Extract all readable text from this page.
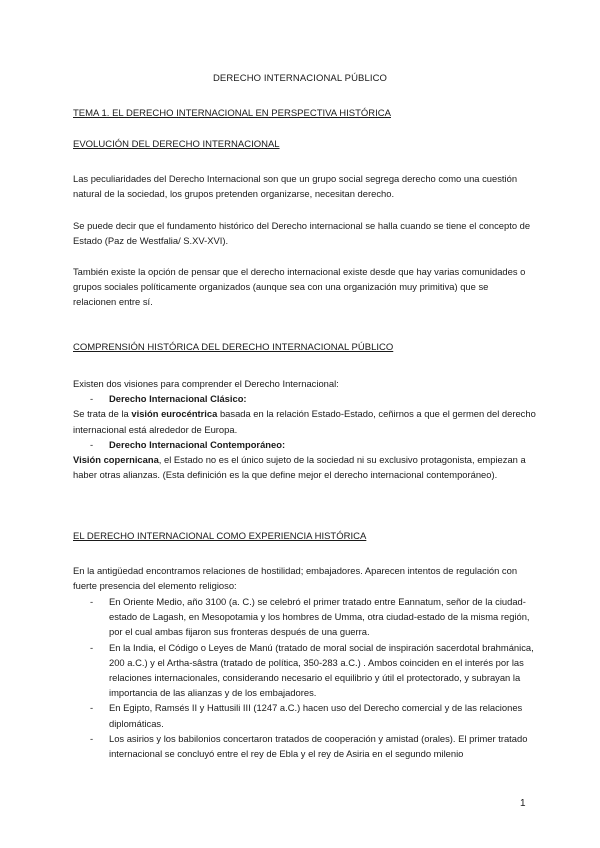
DERECHO INTERNACIONAL PÚBLICO
TEMA 1. EL DERECHO INTERNACIONAL EN PERSPECTIVA HISTÓRICA
EVOLUCIÓN DEL DERECHO INTERNACIONAL
Las peculiaridades del Derecho Internacional son que un grupo social segrega derecho como una cuestión natural de la sociedad, los grupos pretenden organizarse, necesitan derecho.
Se puede decir que el fundamento histórico del Derecho internacional se halla cuando se tiene el concepto de Estado (Paz de Westfalia/ S.XV-XVI).
También existe la opción de pensar que el derecho internacional existe desde que hay varias comunidades o grupos sociales políticamente organizados (aunque sea con una organización muy primitiva) que se relacionen entre sí.
COMPRENSIÓN HISTÓRICA DEL DERECHO INTERNACIONAL PÚBLICO
Existen dos visiones para comprender el Derecho Internacional:
- Derecho Internacional Clásico:
Se trata de la visión eurocéntrica basada en la relación Estado-Estado, ceñirnos a que el germen del derecho internacional está alrededor de Europa.
- Derecho Internacional Contemporáneo:
Visión copernicana, el Estado no es el único sujeto de la sociedad ni su exclusivo protagonista, empiezan a haber otras alianzas. (Esta definición es la que define mejor el derecho internacional contemporáneo).
EL DERECHO INTERNACIONAL COMO EXPERIENCIA HISTÓRICA
En la antigüedad encontramos relaciones de hostilidad; embajadores. Aparecen intentos de regulación con fuerte presencia del elemento religioso:
- En Oriente Medio, año 3100 (a. C.) se celebró el primer tratado entre Eannatum, señor de la ciudad-estado de Lagash, en Mesopotamia y los hombres de Umma, otra ciudad-estado de la misma región, por el cual ambas fijaron sus fronteras después de una guerra.
- En la India, el Código o Leyes de Manú (tratado de moral social de inspiración sacerdotal brahmánica, 200 a.C.) y el Artha-sâstra (tratado de política, 350-283 a.C.) . Ambos coinciden en el interés por las relaciones internacionales, considerando necesario el equilibrio y útil el protectorado, y subrayan la importancia de las alianzas y de los embajadores.
- En Egipto, Ramsés II y Hattusili III (1247 a.C.) hacen uso del Derecho comercial y de las relaciones diplomáticas.
- Los asirios y los babilonios concertaron tratados de cooperación y amistad (orales). El primer tratado internacional se concluyó entre el rey de Ebla y el rey de Asiria en el segundo milenio
1
